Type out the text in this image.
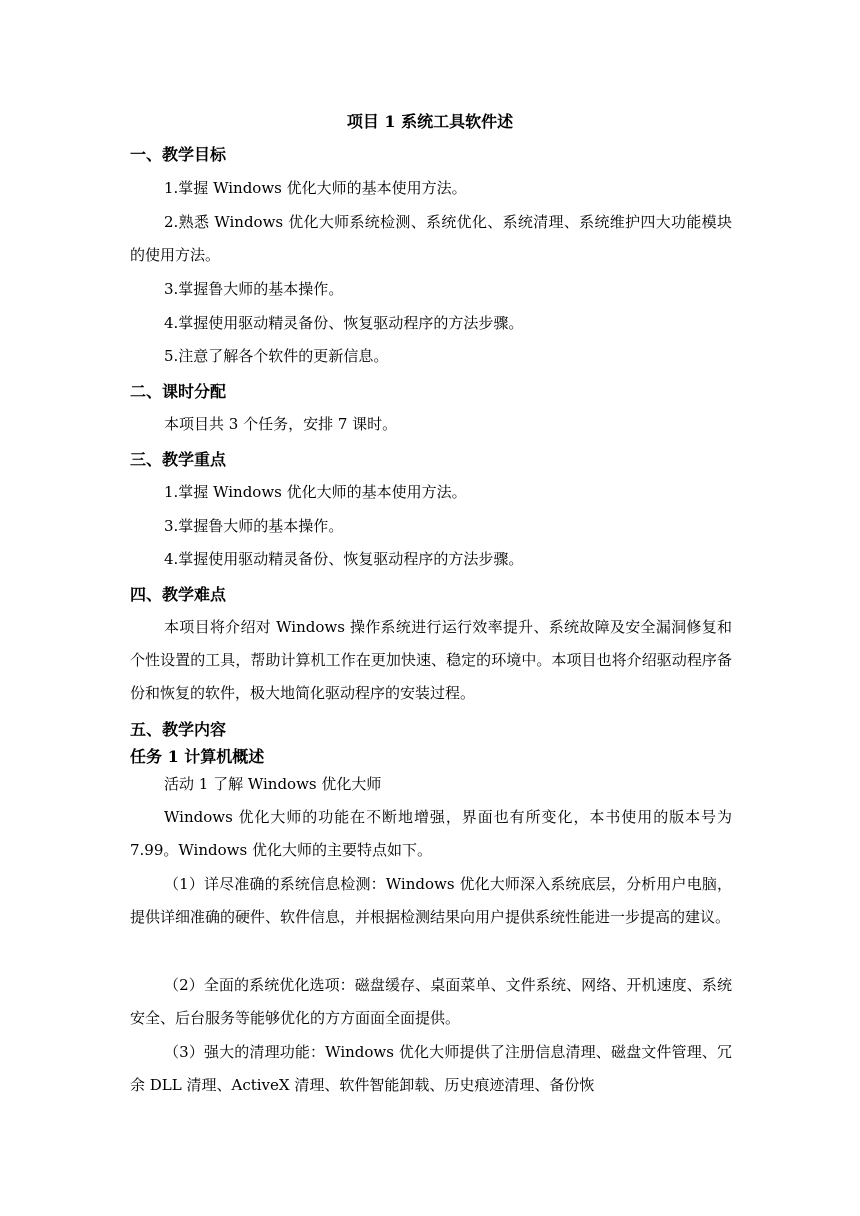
项目 1 系统工具软件述
一、教学目标

1.掌握 Windows 优化大师的基本使用方法。

2.熟悉 Windows 优化大师系统检测、系统优化、系统清理、系统维护四大功能模块的使用方法。

3.掌握鲁大师的基本操作。

4.掌握使用驱动精灵备份、恢复驱动程序的方法步骤。

5.注意了解各个软件的更新信息。

二、课时分配

本项目共 3 个任务，安排 7 课时。

三、教学重点

1.掌握 Windows 优化大师的基本使用方法。

3.掌握鲁大师的基本操作。

4.掌握使用驱动精灵备份、恢复驱动程序的方法步骤。

四、教学难点

本项目将介绍对 Windows 操作系统进行运行效率提升、系统故障及安全漏洞修复和个性设置的工具，帮助计算机工作在更加快速、稳定的环境中。本项目也将介绍驱动程序备份和恢复的软件，极大地简化驱动程序的安装过程。

五、教学内容
任务 1 计算机概述

活动 1 了解 Windows 优化大师

Windows 优化大师的功能在不断地增强，界面也有所变化，本书使用的版本号为 7.99。Windows 优化大师的主要特点如下。

（1）详尽准确的系统信息检测：Windows 优化大师深入系统底层，分析用户电脑，提供详细准确的硬件、软件信息，并根据检测结果向用户提供系统性能进一步提高的建议。

（2）全面的系统优化选项：磁盘缓存、桌面菜单、文件系统、网络、开机速度、系统安全、后台服务等能够优化的方方面面全面提供。

（3）强大的清理功能：Windows 优化大师提供了注册信息清理、磁盘文件管理、冗余 DLL 清理、ActiveX 清理、软件智能卸载、历史痕迹清理、备份恢
